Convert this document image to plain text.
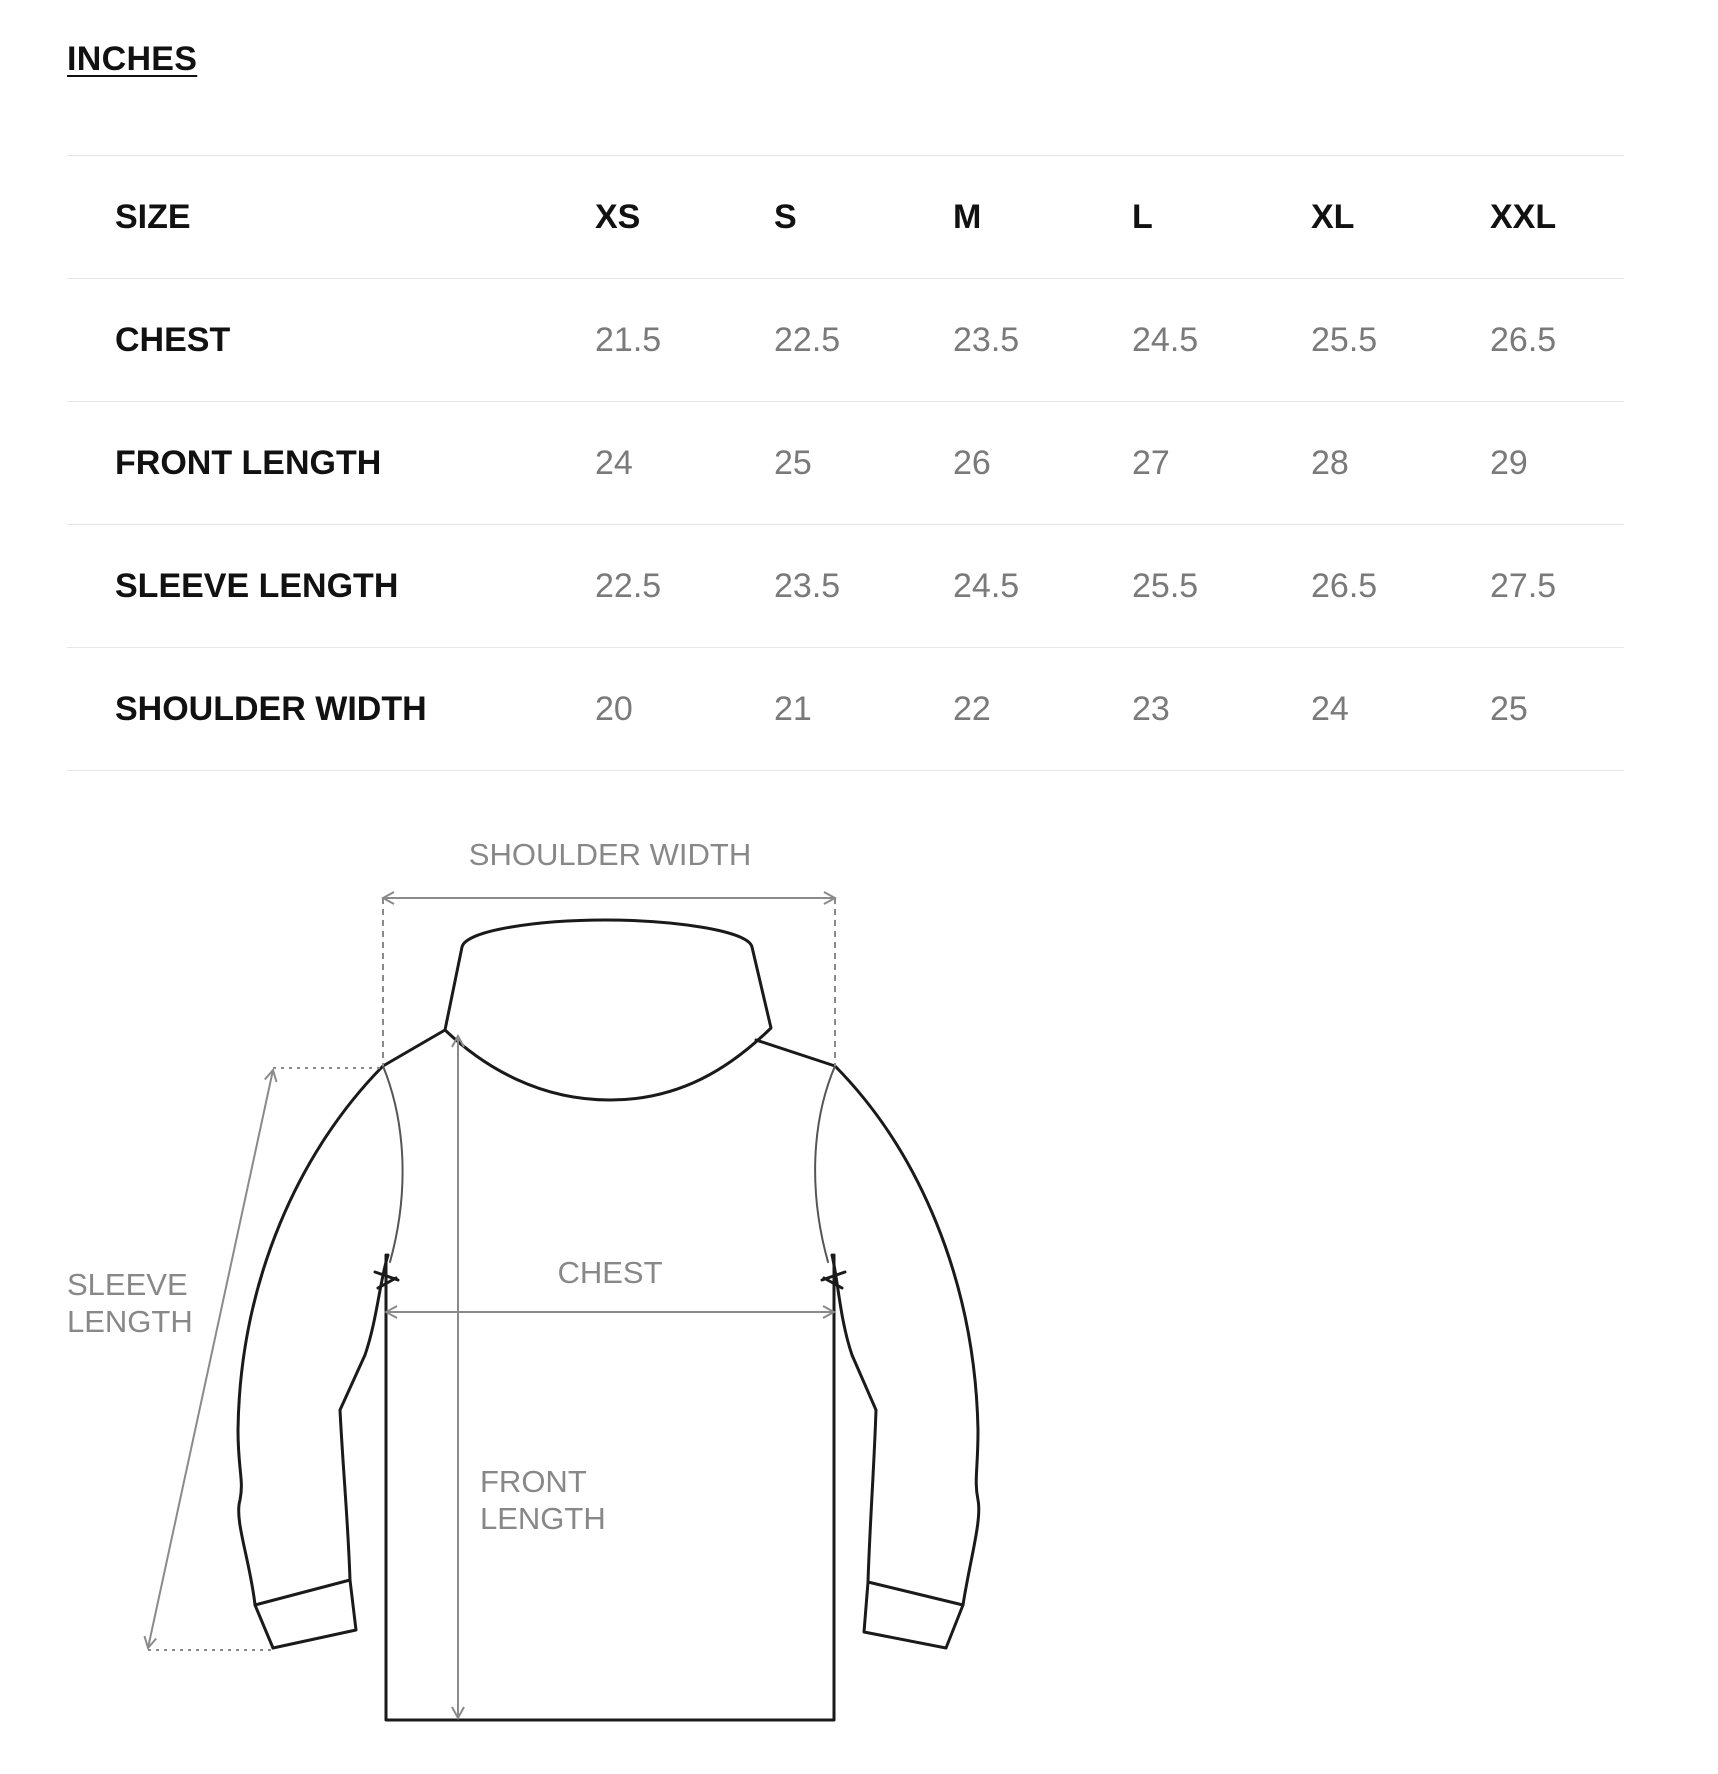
INCHES
SIZE	XS	S	M	L	XL	XXL
CHEST	21.5	22.5	23.5	24.5	25.5	26.5
FRONT LENGTH	24	25	26	27	28	29
SLEEVE LENGTH	22.5	23.5	24.5	25.5	26.5	27.5
SHOULDER WIDTH	20	21	22	23	24	25
SHOULDER WIDTH
CHEST
SLEEVE
LENGTH
FRONT
LENGTH
